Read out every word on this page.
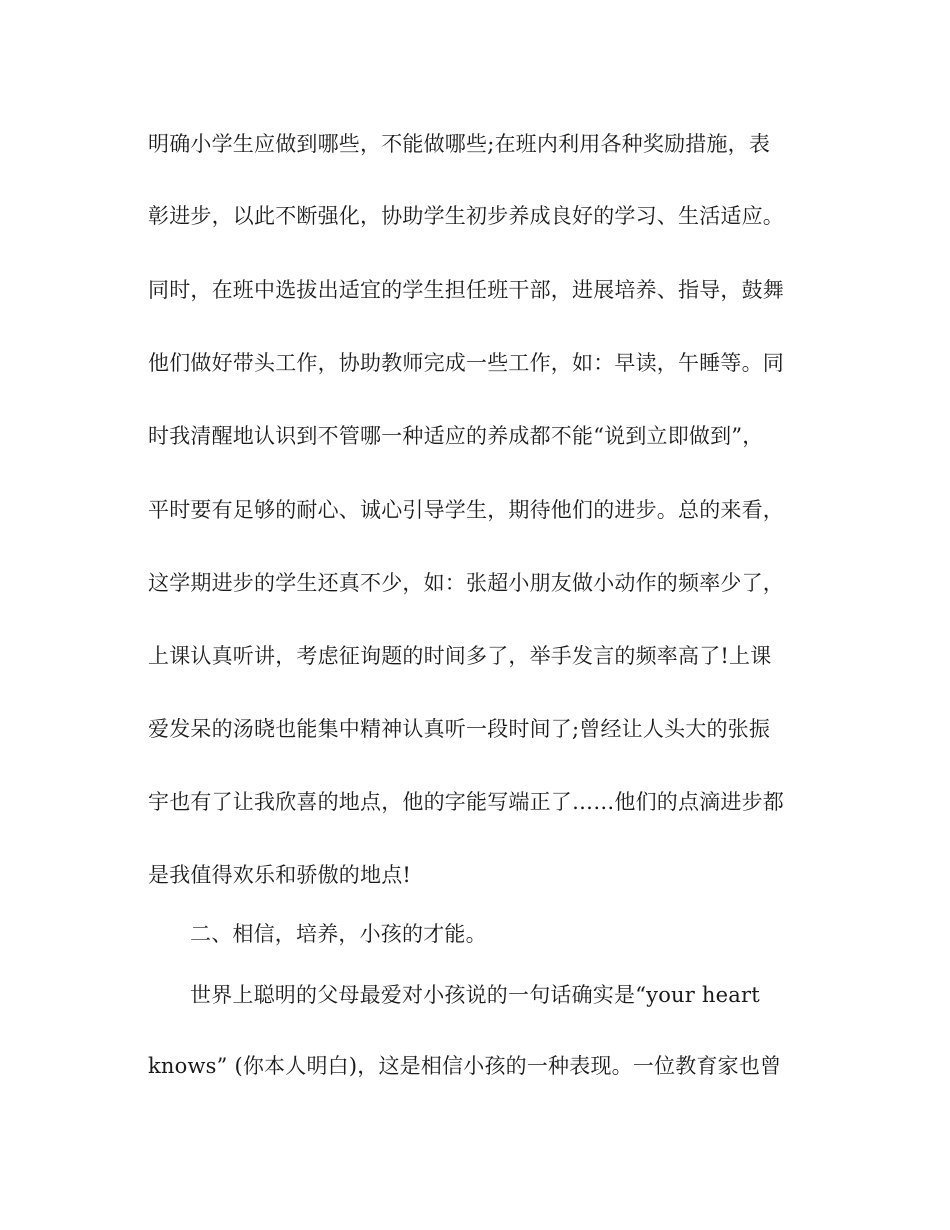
明确小学生应做到哪些，不能做哪些;在班内利用各种奖励措施，表
彰进步，以此不断强化，协助学生初步养成良好的学习、生活适应。
同时，在班中选拔出适宜的学生担任班干部，进展培养、指导，鼓舞
他们做好带头工作，协助教师完成一些工作，如：早读，午睡等。同
时我清醒地认识到不管哪一种适应的养成都不能“说到立即做到”，
平时要有足够的耐心、诚心引导学生，期待他们的进步。总的来看，
这学期进步的学生还真不少，如：张超小朋友做小动作的频率少了，
上课认真听讲，考虑征询题的时间多了，举手发言的频率高了!上课
爱发呆的汤晓也能集中精神认真听一段时间了;曾经让人头大的张振
宇也有了让我欣喜的地点，他的字能写端正了……他们的点滴进步都
是我值得欢乐和骄傲的地点!
二、相信，培养，小孩的才能。
世界上聪明的父母最爱对小孩说的一句话确实是“your heart
knows” (你本人明白)，这是相信小孩的一种表现。一位教育家也曾
